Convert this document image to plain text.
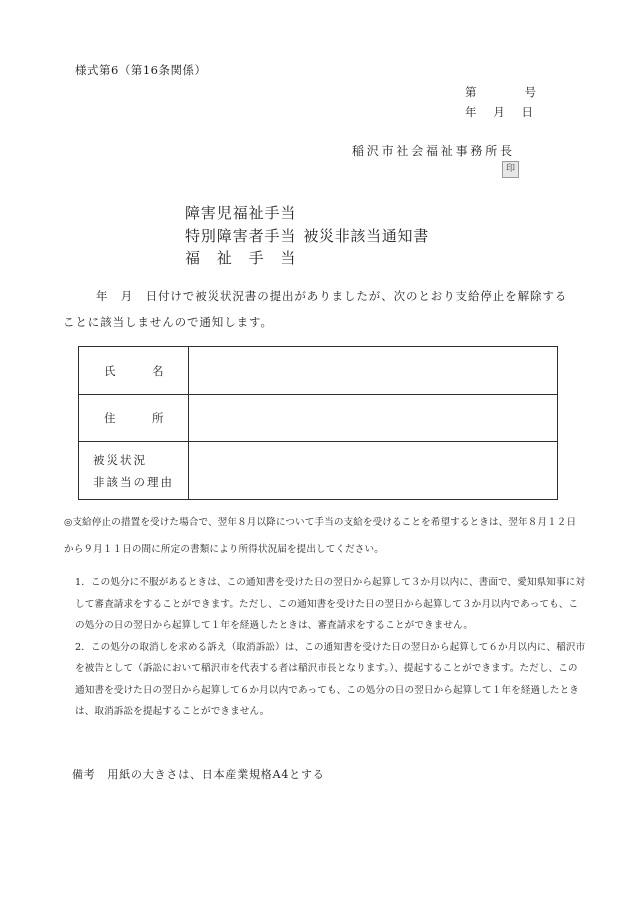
様式第6（第16条関係）
第	号
年 月 日
稲沢市社会福祉事務所長
印
障害児福祉手当
特別障害者手当 被災非該当通知書
福　祉　手　当
年　月　日付けで被災状況書の提出がありましたが、次のとおり支給停止を解除する
ことに該当しませんので通知します。
氏　　名
住　　所
被災状況
非該当の理由
◎支給停止の措置を受けた場合で、翌年８月以降について手当の支給を受けることを希望するときは、翌年８月１２日
から９月１１日の間に所定の書類により所得状況届を提出してください。
1．この処分に不服があるときは、この通知書を受けた日の翌日から起算して３か月以内に、書面で、愛知県知事に対
して審査請求をすることができます。ただし、この通知書を受けた日の翌日から起算して３か月以内であっても、こ
の処分の日の翌日から起算して１年を経過したときは、審査請求をすることができません。
2．この処分の取消しを求める訴え（取消訴訟）は、この通知書を受けた日の翌日から起算して６か月以内に、稲沢市
を被告として（訴訟において稲沢市を代表する者は稲沢市長となります。）、提起することができます。ただし、この
通知書を受けた日の翌日から起算して６か月以内であっても、この処分の日の翌日から起算して１年を経過したとき
は、取消訴訟を提起することができません。
備考　用紙の大きさは、日本産業規格A4とする
